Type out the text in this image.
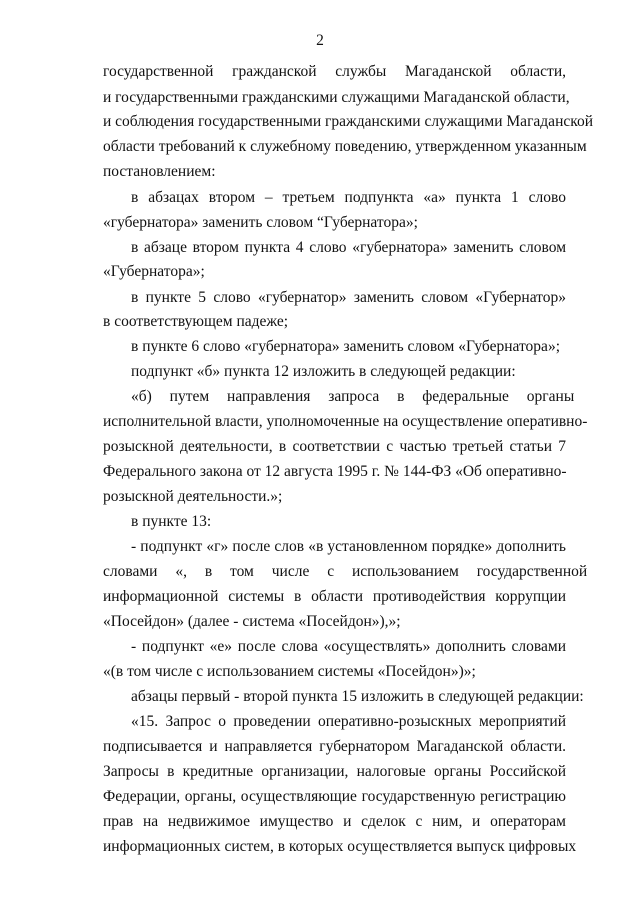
2
государственной гражданской службы Магаданской области,
и государственными гражданскими служащими Магаданской области,
и соблюдения государственными гражданскими служащими Магаданской
области требований к служебному поведению, утвержденном указанным
постановлением:
в абзацах втором – третьем подпункта «а» пункта 1 слово
«губернатора» заменить словом “Губернатора»;
в абзаце втором пункта 4 слово «губернатора» заменить словом
«Губернатора»;
в пункте 5 слово «губернатор» заменить словом «Губернатор»
в соответствующем падеже;
в пункте 6 слово «губернатора» заменить словом «Губернатора»;
подпункт «б» пункта 12 изложить в следующей редакции:
«б) путем направления запроса в федеральные органы
исполнительной власти, уполномоченные на осуществление оперативно-
розыскной деятельности, в соответствии с частью третьей статьи 7
Федерального закона от 12 августа 1995 г. № 144-ФЗ «Об оперативно-
розыскной деятельности.»;
в пункте 13:
- подпункт «г» после слов «в установленном порядке» дополнить
словами «, в том числе с использованием государственной
информационной системы в области противодействия коррупции
«Посейдон» (далее - система «Посейдон»),»;
- подпункт «е» после слова «осуществлять» дополнить словами
«(в том числе с использованием системы «Посейдон»)»;
абзацы первый - второй пункта 15 изложить в следующей редакции:
«15. Запрос о проведении оперативно-розыскных мероприятий
подписывается и направляется губернатором Магаданской области.
Запросы в кредитные организации, налоговые органы Российской
Федерации, органы, осуществляющие государственную регистрацию
прав на недвижимое имущество и сделок с ним, и операторам
информационных систем, в которых осуществляется выпуск цифровых
